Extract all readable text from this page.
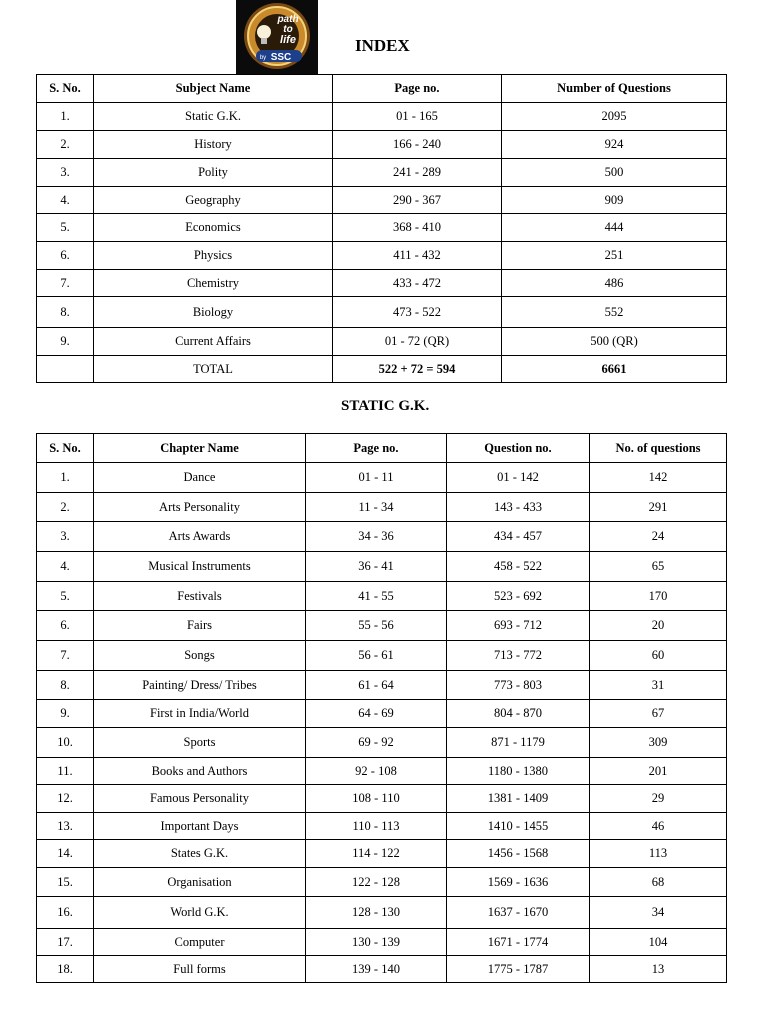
path
to
life
by SSC
INDEX
S. No.	Subject Name	Page no.	Number of Questions
1.	Static G.K.	01 - 165	2095
2.	History	166 - 240	924
3.	Polity	241 - 289	500
4.	Geography	290 - 367	909
5.	Economics	368 - 410	444
6.	Physics	411 - 432	251
7.	Chemistry	433 - 472	486
8.	Biology	473 - 522	552
9.	Current Affairs	01 - 72 (QR)	500 (QR)
	TOTAL	522 + 72 = 594	6661
STATIC G.K.
S. No.	Chapter Name	Page no.	Question no.	No. of questions
1.	Dance	01 - 11	01 - 142	142
2.	Arts Personality	11 - 34	143 - 433	291
3.	Arts Awards	34 - 36	434 - 457	24
4.	Musical Instruments	36 - 41	458 - 522	65
5.	Festivals	41 - 55	523 - 692	170
6.	Fairs	55 - 56	693 - 712	20
7.	Songs	56 - 61	713 - 772	60
8.	Painting/ Dress/ Tribes	61 - 64	773 - 803	31
9.	First in India/World	64 - 69	804 - 870	67
10.	Sports	69 - 92	871 - 1179	309
11.	Books and Authors	92 - 108	1180 - 1380	201
12.	Famous Personality	108 - 110	1381 - 1409	29
13.	Important Days	110 - 113	1410 - 1455	46
14.	States G.K.	114 - 122	1456 - 1568	113
15.	Organisation	122 - 128	1569 - 1636	68
16.	World G.K.	128 - 130	1637 - 1670	34
17.	Computer	130 - 139	1671 - 1774	104
18.	Full forms	139 - 140	1775 - 1787	13
